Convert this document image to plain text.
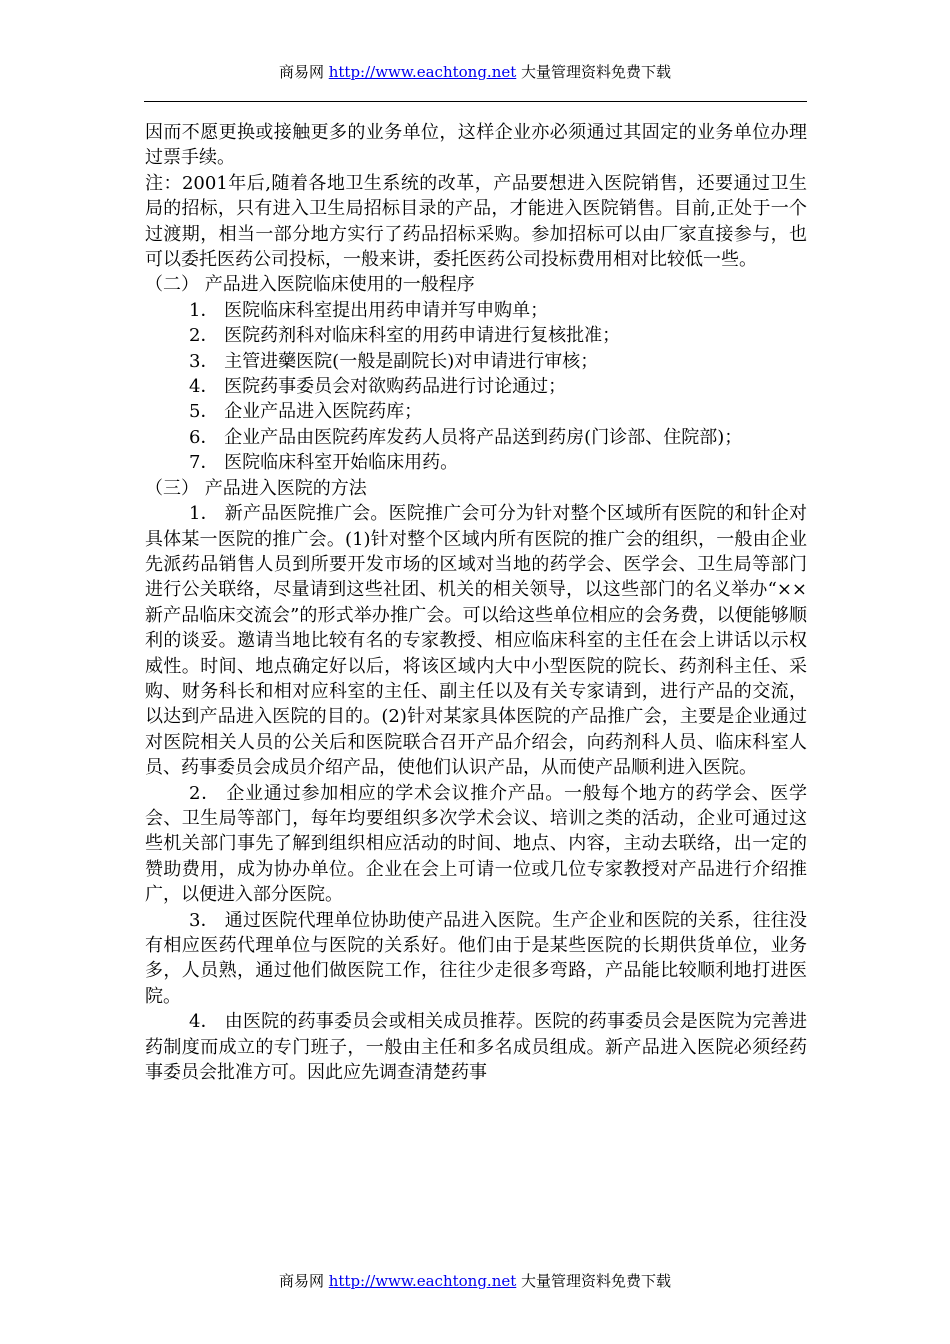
商易网 http://www.eachtong.net 大量管理资料免费下载

因而不愿更换或接触更多的业务单位，这样企业亦必须通过其固定的业务单位办理过票手续。

注：2001年后,随着各地卫生系统的改革，产品要想进入医院销售，还要通过卫生局的招标，只有进入卫生局招标目录的产品，才能进入医院销售。目前,正处于一个过渡期，相当一部分地方实行了药品招标采购。参加招标可以由厂家直接参与，也可以委托医药公司投标，一般来讲，委托医药公司投标费用相对比较低一些。

（二） 产品进入医院临床使用的一般程序

1． 医院临床科室提出用药申请并写申购单；

2． 医院药剂科对临床科室的用药申请进行复核批准；

3． 主管进藥医院(一般是副院长)对申请进行审核；

4． 医院药事委员会对欲购药品进行讨论通过；

5． 企业产品进入医院药库；

6． 企业产品由医院药库发药人员将产品送到药房(门诊部、住院部)；

7． 医院临床科室开始临床用药。

（三） 产品进入医院的方法

1． 新产品医院推广会。医院推广会可分为针对整个区域所有医院的和针企对具体某一医院的推广会。(1)针对整个区域内所有医院的推广会的组织，一般由企业先派药品销售人员到所要开发市场的区域对当地的药学会、医学会、卫生局等部门进行公关联络，尽量请到这些社团、机关的相关领导，以这些部门的名义举办“××新产品临床交流会”的形式举办推广会。可以给这些单位相应的会务费，以便能够顺利的谈妥。邀请当地比较有名的专家教授、相应临床科室的主任在会上讲话以示权威性。时间、地点确定好以后，将该区域内大中小型医院的院长、药剂科主任、采购、财务科长和相对应科室的主任、副主任以及有关专家请到，进行产品的交流，以达到产品进入医院的目的。(2)针对某家具体医院的产品推广会，主要是企业通过对医院相关人员的公关后和医院联合召开产品介绍会，向药剂科人员、临床科室人员、药事委员会成员介绍产品，使他们认识产品，从而使产品顺利进入医院。

2． 企业通过参加相应的学术会议推介产品。一般每个地方的药学会、医学会、卫生局等部门，每年均要组织多次学术会议、培训之类的活动，企业可通过这些机关部门事先了解到组织相应活动的时间、地点、内容，主动去联络，出一定的赞助费用，成为协办单位。企业在会上可请一位或几位专家教授对产品进行介绍推广，以便进入部分医院。

3． 通过医院代理单位协助使产品进入医院。生产企业和医院的关系，往往没有相应医药代理单位与医院的关系好。他们由于是某些医院的长期供货单位，业务多，人员熟，通过他们做医院工作，往往少走很多弯路，产品能比较顺利地打进医院。

4． 由医院的药事委员会或相关成员推荐。医院的药事委员会是医院为完善进药制度而成立的专门班子，一般由主任和多名成员组成。新产品进入医院必须经药事委员会批准方可。因此应先调查清楚药事

商易网 http://www.eachtong.net 大量管理资料免费下载
